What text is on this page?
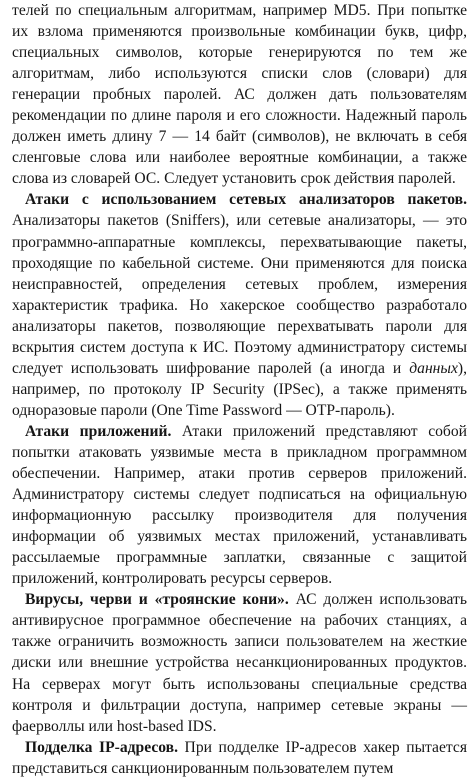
телей по специальным алгоритмам, например MD5. При попытке их взлома применяются произвольные комбинации букв, цифр, специальных символов, которые генерируются по тем же алгоритмам, либо используются списки слов (словари) для генерации пробных паролей. АС должен дать пользователям рекомендации по длине пароля и его сложности. Надежный пароль должен иметь длину 7 — 14 байт (символов), не включать в себя сленговые слова или наиболее вероятные комбинации, а также слова из словарей ОС. Следует установить срок действия паролей.

Атаки с использованием сетевых анализаторов пакетов. Анализаторы пакетов (Sniffers), или сетевые анализаторы, — это программно-аппаратные комплексы, перехватывающие пакеты, проходящие по кабельной системе. Они применяются для поиска неисправностей, определения сетевых проблем, измерения характеристик трафика. Но хакерское сообщество разработало анализаторы пакетов, позволяющие перехватывать пароли для вскрытия систем доступа к ИС. Поэтому администратору системы следует использовать шифрование паролей (а иногда и данных), например, по протоколу IP Security (IPSec), а также применять одноразовые пароли (One Time Password — OTP-пароль).

Атаки приложений. Атаки приложений представляют собой попытки атаковать уязвимые места в прикладном программном обеспечении. Например, атаки против серверов приложений. Администратору системы следует подписаться на официальную информационную рассылку производителя для получения информации об уязвимых местах приложений, устанавливать рассылаемые программные заплатки, связанные с защитой приложений, контролировать ресурсы серверов.

Вирусы, черви и «троянские кони». АС должен использовать антивирусное программное обеспечение на рабочих станциях, а также ограничить возможность записи пользователем на жесткие диски или внешние устройства несанкционированных продуктов. На серверах могут быть использованы специальные средства контроля и фильтрации доступа, например сетевые экраны — фаерволлы или host-based IDS.

Подделка IP-адресов. При подделке IP-адресов хакер пытается представиться санкционированным пользователем путем
